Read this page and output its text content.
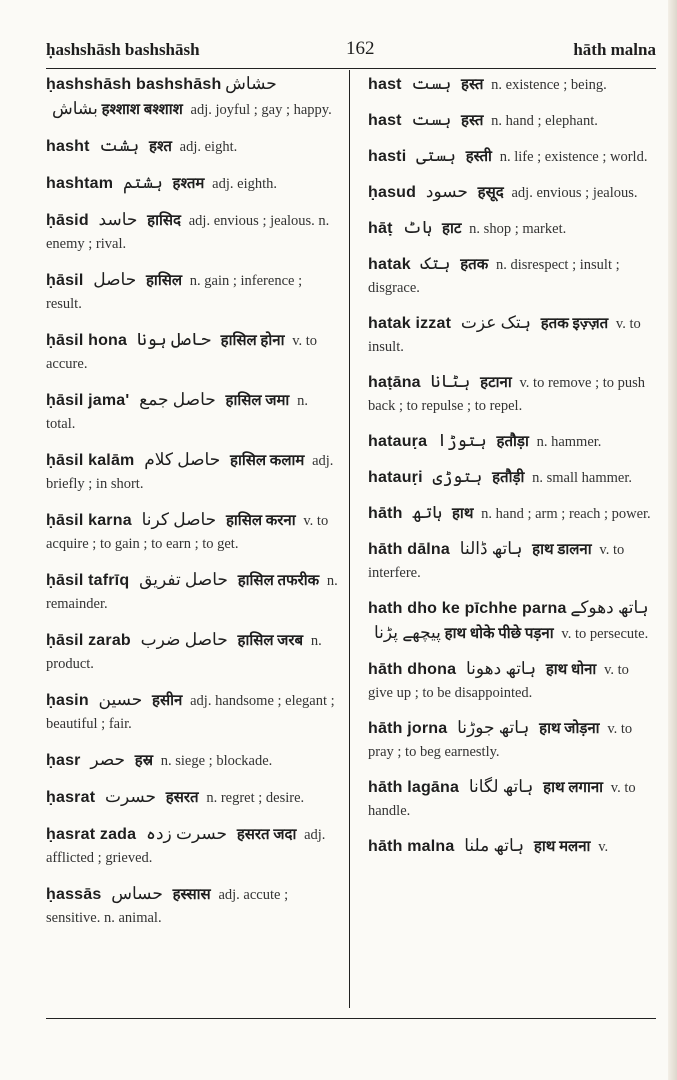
ḥashshāsh bashshāsh	162	hāth malna
ḥashshāsh bashshāsh حشاش بشاش हश्शाश बश्शाश adj. joyful ; gay ; happy.
hasht ہشت हश्त adj. eight.
hashtam ہشتم हश्तम adj. eighth.
ḥāsid حاسد हासिद adj. envious ; jealous. n. enemy ; rival.
ḥāsil حاصل हासिल n. gain ; inference ; result.
ḥāsil hona حاصل ہونا हासिल होना v. to accure.
ḥāsil jama' حاصل جمع हासिल जमा n. total.
ḥāsil kalām حاصل کلام हासिल कलाम adj. briefly ; in short.
ḥāsil karna حاصل کرنا हासिल करना v. to acquire ; to gain ; to earn ; to get.
ḥāsil tafrīq حاصل تفریق हासिल तफरीक n. remainder.
ḥāsil zarab حاصل ضرب हासिल जरब n. product.
ḥasin حسین हसीन adj. handsome ; elegant ; beautiful ; fair.
ḥasr حصر हस्र n. siege ; blockade.
ḥasrat حسرت हसरत n. regret ; desire.
ḥasrat zada حسرت زدہ हसरत जदा adj. afflicted ; grieved.
ḥassās حساس हस्सास adj. accute ; sensitive. n. animal.
hast ہست हस्त n. existence ; being.
hast ہست हस्त n. hand ; elephant.
hasti ہستی हस्ती n. life ; existence ; world.
ḥasud حسود हसूद adj. envious ; jealous.
hāṭ ہاٹ हाट n. shop ; market.
hatak ہتک हतक n. disrespect ; insult ; disgrace.
hatak izzat ہتک عزت हतक इज़्ज़त v. to insult.
haṭāna ہٹانا हटाना v. to remove ; to push back ; to repulse ; to repel.
hatauṛa ہتوڑا हतौड़ा n. hammer.
hatauṛi ہتوڑی हतौड़ी n. small hammer.
hāth ہاتھ हाथ n. hand ; arm ; reach ; power.
hāth dālna ہاتھ ڈالنا हाथ डालना v. to interfere.
hath dho ke pīchhe parna ہاتھ دھوکے پیچھے پڑنا हाथ धोके पीछे पड़ना v. to persecute.
hāth dhona ہاتھ دھونا हाथ धोना v. to give up ; to be disappointed.
hāth jorna ہاتھ جوڑنا हाथ जोड़ना v. to pray ; to beg earnestly.
hāth lagāna ہاتھ لگانا हाथ लगाना v. to handle.
hāth malna ہاتھ ملنا हाथ मलना v.
